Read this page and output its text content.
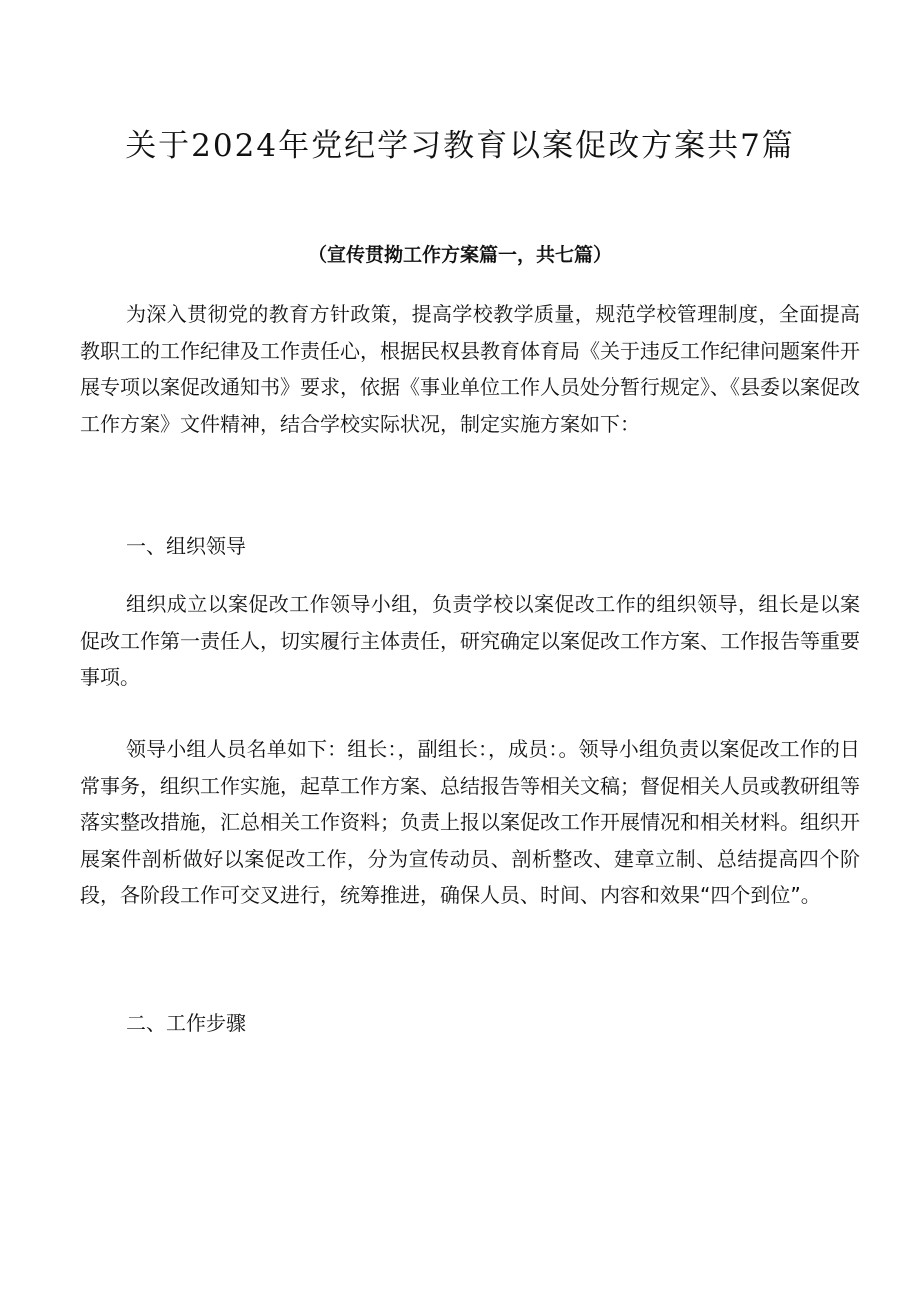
关于2024年党纪学习教育以案促改方案共7篇
（宣传贯拗工作方案篇一，共七篇）

为深入贯彻党的教育方针政策，提高学校教学质量，规范学校管理制度，全面提高教职工的工作纪律及工作责任心，根据民权县教育体育局《关于违反工作纪律问题案件开展专项以案促改通知书》要求，依据《事业单位工作人员处分暂行规定》、《县委以案促改工作方案》文件精神，结合学校实际状况，制定实施方案如下：

一、组织领导

组织成立以案促改工作领导小组，负责学校以案促改工作的组织领导，组长是以案促改工作第一责任人，切实履行主体责任，研究确定以案促改工作方案、工作报告等重要事项。

领导小组人员名单如下：组长：，副组长：，成员：。领导小组负责以案促改工作的日常事务，组织工作实施，起草工作方案、总结报告等相关文稿；督促相关人员或教研组等落实整改措施，汇总相关工作资料；负责上报以案促改工作开展情况和相关材料。组织开展案件剖析做好以案促改工作，分为宣传动员、剖析整改、建章立制、总结提高四个阶段，各阶段工作可交叉进行，统筹推进，确保人员、时间、内容和效果“四个到位”。

二、工作步骤
